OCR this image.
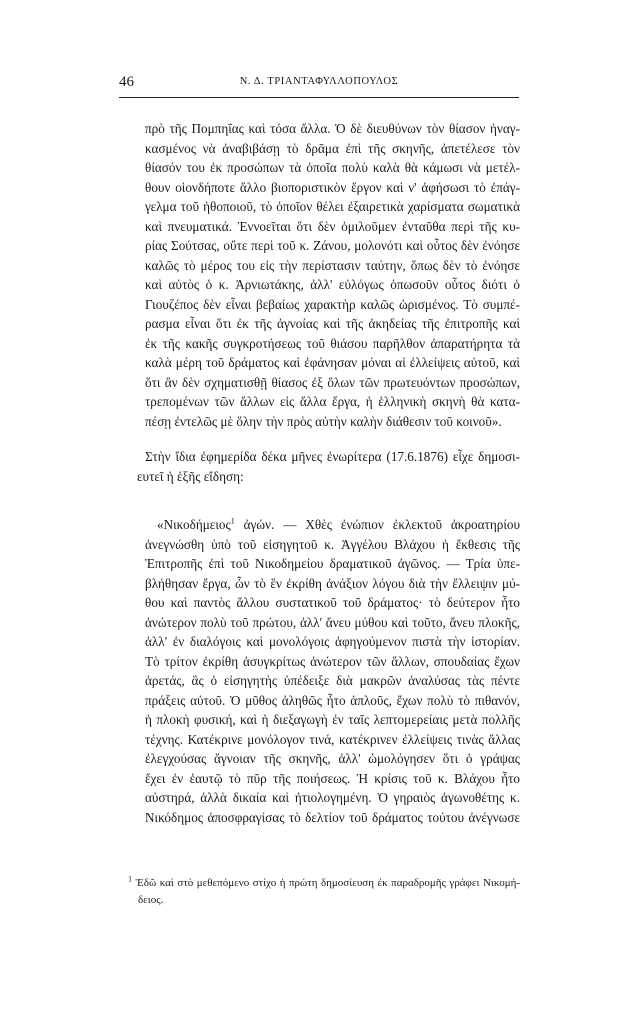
46	Ν. Δ. ΤΡΙΑΝΤΑΦΥΛΛΟΠΟΥΛΟΣ
πρὸ τῆς Πομπηΐας καὶ τόσα ἄλλα. Ὁ δὲ διευθύνων τὸν θίασον ἠναγ-
κασμένος νὰ ἀναβιβάσῃ τὸ δρᾶμα ἐπὶ τῆς σκηνῆς, ἀπετέλεσε τὸν
θίασόν του ἐκ προσώπων τὰ ὁποῖα πολὺ καλὰ θὰ κάμωσι νὰ μετέλ-
θουν οἱονδήποτε ἄλλο βιοποριστικὸν ἔργον καὶ ν' ἀφήσωσι τὸ ἐπάγ-
γελμα τοῦ ἠθοποιοῦ, τὸ ὁποῖον θέλει ἐξαιρετικὰ χαρίσματα σωματικὰ
καὶ πνευματικά. Ἐννοεῖται ὅτι δὲν ὁμιλοῦμεν ἐνταῦθα περὶ τῆς κυ-
ρίας Σούτσας, οὔτε περὶ τοῦ κ. Ζάνου, μολονότι καὶ οὗτος δὲν ἐνόησε
καλῶς τὸ μέρος του εἰς τὴν περίστασιν ταύτην, ὅπως δὲν τὸ ἐνόησε
καὶ αὐτὸς ὁ κ. Ἀρνιωτάκης, ἀλλ' εὐλόγως ὁπωσοῦν οὗτος διότι ὁ
Γιουζέπος δὲν εἶναι βεβαίως χαρακτὴρ καλῶς ὡρισμένος. Τὸ συμπέ-
ρασμα εἶναι ὅτι ἐκ τῆς ἀγνοίας καὶ τῆς ἀκηδείας τῆς ἐπιτροπῆς καὶ
ἐκ τῆς κακῆς συγκροτήσεως τοῦ θιάσου παρῆλθον ἀπαρατήρητα τὰ
καλὰ μέρη τοῦ δράματος καὶ ἐφάνησαν μόναι αἱ ἐλλείψεις αὐτοῦ, καὶ
ὅτι ἂν δὲν σχηματισθῇ θίασος ἐξ ὅλων τῶν πρωτευόντων προσώπων,
τρεπομένων τῶν ἄλλων εἰς ἄλλα ἔργα, ἡ ἑλληνικὴ σκηνὴ θὰ κατα-
πέσῃ ἐντελῶς μὲ ὅλην τὴν πρὸς αὐτὴν καλὴν διάθεσιν τοῦ κοινοῦ».
Στὴν ἴδια ἐφημερίδα δέκα μῆνες ἐνωρίτερα (17.6.1876) εἶχε δημοσι-
ευτεῖ ἡ ἑξῆς εἴδηση:
«Νικοδήμειος$^1$ ἀγών. — Χθὲς ἐνώπιον ἐκλεκτοῦ ἀκροατηρίου
ἀνεγνώσθη ὑπὸ τοῦ εἰσηγητοῦ κ. Ἀγγέλου Βλάχου ἡ ἔκθεσις τῆς
Ἐπιτροπῆς ἐπὶ τοῦ Νικοδημείου δραματικοῦ ἀγῶνος. — Τρία ὑπε-
βλήθησαν ἔργα, ὧν τὸ ἓν ἐκρίθη ἀνάξιον λόγου διὰ τὴν ἔλλειψιν μύ-
θου καὶ παντὸς ἄλλου συστατικοῦ τοῦ δράματος· τὸ δεύτερον ἦτο
ἀνώτερον πολὺ τοῦ πρώτου, ἀλλ' ἄνευ μύθου καὶ τοῦτο, ἄνευ πλοκῆς,
ἀλλ' ἐν διαλόγοις καὶ μονολόγοις ἀφηγούμενον πιστὰ τὴν ἱστορίαν.
Τὸ τρίτον ἐκρίθη ἀσυγκρίτως ἀνώτερον τῶν ἄλλων, σπουδαίας ἔχων
ἀρετάς, ἃς ὁ εἰσηγητὴς ὑπέδειξε διὰ μακρῶν ἀναλύσας τὰς πέντε
πράξεις αὐτοῦ. Ὁ μῦθος ἀληθῶς ἦτο ἁπλοῦς, ἔχων πολὺ τὸ πιθανόν,
ἡ πλοκὴ φυσική, καὶ ἡ διεξαγωγὴ ἐν ταῖς λεπτομερείαις μετὰ πολλῆς
τέχνης. Κατέκρινε μονόλογον τινά, κατέκρινεν ἐλλείψεις τινὰς ἄλλας
ἐλεγχούσας ἄγνοιαν τῆς σκηνῆς, ἀλλ' ὡμολόγησεν ὅτι ὁ γράψας
ἔχει ἐν ἑαυτῷ τὸ πῦρ τῆς ποιήσεως. Ἡ κρίσις τοῦ κ. Βλάχου ἦτο
αὐστηρά, ἀλλὰ δικαία καὶ ἠτιολογημένη. Ὁ γηραιὸς ἀγωνοθέτης κ.
Νικόδημος ἀποσφραγίσας τὸ δελτίον τοῦ δράματος τούτου ἀνέγνωσε
$^1$ Ἐδῶ καὶ στὸ μεθεπόμενο στίχο ἡ πρώτη δημοσίευση ἐκ παραδρομῆς γράφει Νικομή-
δειος.
